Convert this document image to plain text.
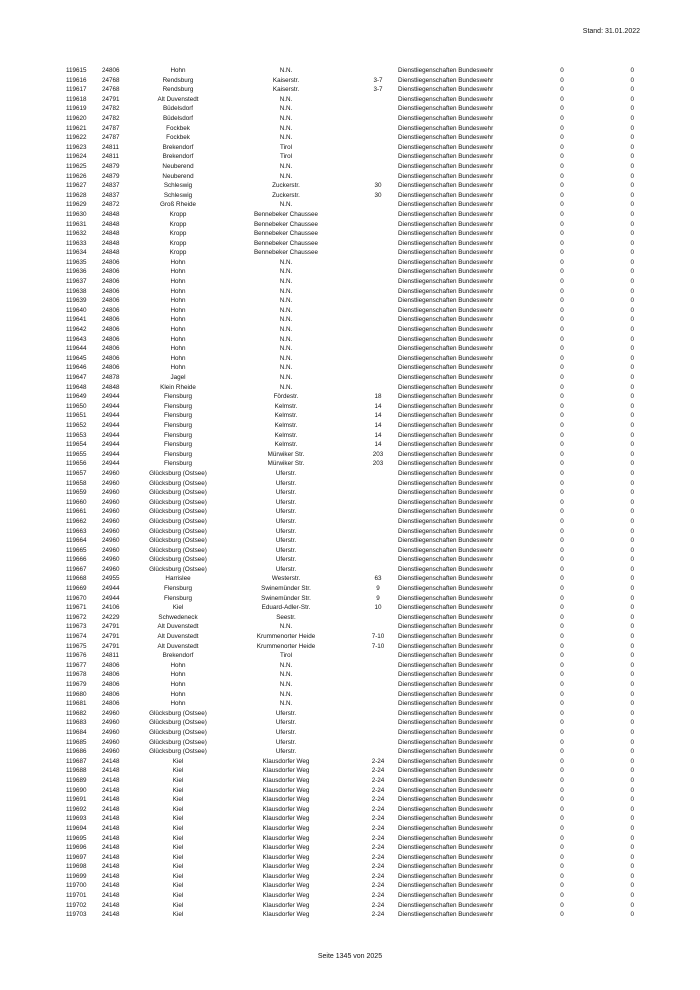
Stand: 31.01.2022
119615	24806	Hohn	N.N.		Dienstliegenschaften Bundeswehr	0	0
119616	24768	Rendsburg	Kaiserstr.	3-7	Dienstliegenschaften Bundeswehr	0	0
119617	24768	Rendsburg	Kaiserstr.	3-7	Dienstliegenschaften Bundeswehr	0	0
119618	24791	Alt Duvenstedt	N.N.		Dienstliegenschaften Bundeswehr	0	0
119619	24782	Büdelsdorf	N.N.		Dienstliegenschaften Bundeswehr	0	0
119620	24782	Büdelsdorf	N.N.		Dienstliegenschaften Bundeswehr	0	0
119621	24787	Fockbek	N.N.		Dienstliegenschaften Bundeswehr	0	0
119622	24787	Fockbek	N.N.		Dienstliegenschaften Bundeswehr	0	0
119623	24811	Brekendorf	Tirol		Dienstliegenschaften Bundeswehr	0	0
119624	24811	Brekendorf	Tirol		Dienstliegenschaften Bundeswehr	0	0
119625	24879	Neuberend	N.N.		Dienstliegenschaften Bundeswehr	0	0
119626	24879	Neuberend	N.N.		Dienstliegenschaften Bundeswehr	0	0
119627	24837	Schleswig	Zuckerstr.	30	Dienstliegenschaften Bundeswehr	0	0
119628	24837	Schleswig	Zuckerstr.	30	Dienstliegenschaften Bundeswehr	0	0
119629	24872	Groß Rheide	N.N.		Dienstliegenschaften Bundeswehr	0	0
119630	24848	Kropp	Bennebeker Chaussee		Dienstliegenschaften Bundeswehr	0	0
119631	24848	Kropp	Bennebeker Chaussee		Dienstliegenschaften Bundeswehr	0	0
119632	24848	Kropp	Bennebeker Chaussee		Dienstliegenschaften Bundeswehr	0	0
119633	24848	Kropp	Bennebeker Chaussee		Dienstliegenschaften Bundeswehr	0	0
119634	24848	Kropp	Bennebeker Chaussee		Dienstliegenschaften Bundeswehr	0	0
119635	24806	Hohn	N.N.		Dienstliegenschaften Bundeswehr	0	0
119636	24806	Hohn	N.N.		Dienstliegenschaften Bundeswehr	0	0
119637	24806	Hohn	N.N.		Dienstliegenschaften Bundeswehr	0	0
119638	24806	Hohn	N.N.		Dienstliegenschaften Bundeswehr	0	0
119639	24806	Hohn	N.N.		Dienstliegenschaften Bundeswehr	0	0
119640	24806	Hohn	N.N.		Dienstliegenschaften Bundeswehr	0	0
119641	24806	Hohn	N.N.		Dienstliegenschaften Bundeswehr	0	0
119642	24806	Hohn	N.N.		Dienstliegenschaften Bundeswehr	0	0
119643	24806	Hohn	N.N.		Dienstliegenschaften Bundeswehr	0	0
119644	24806	Hohn	N.N.		Dienstliegenschaften Bundeswehr	0	0
119645	24806	Hohn	N.N.		Dienstliegenschaften Bundeswehr	0	0
119646	24806	Hohn	N.N.		Dienstliegenschaften Bundeswehr	0	0
119647	24878	Jagel	N.N.		Dienstliegenschaften Bundeswehr	0	0
119648	24848	Klein Rheide	N.N.		Dienstliegenschaften Bundeswehr	0	0
119649	24944	Flensburg	Fördestr.	18	Dienstliegenschaften Bundeswehr	0	0
119650	24944	Flensburg	Kelmstr.	14	Dienstliegenschaften Bundeswehr	0	0
119651	24944	Flensburg	Kelmstr.	14	Dienstliegenschaften Bundeswehr	0	0
119652	24944	Flensburg	Kelmstr.	14	Dienstliegenschaften Bundeswehr	0	0
119653	24944	Flensburg	Kelmstr.	14	Dienstliegenschaften Bundeswehr	0	0
119654	24944	Flensburg	Kelmstr.	14	Dienstliegenschaften Bundeswehr	0	0
119655	24944	Flensburg	Mürwiker Str.	203	Dienstliegenschaften Bundeswehr	0	0
119656	24944	Flensburg	Mürwiker Str.	203	Dienstliegenschaften Bundeswehr	0	0
119657	24960	Glücksburg (Ostsee)	Uferstr.		Dienstliegenschaften Bundeswehr	0	0
119658	24960	Glücksburg (Ostsee)	Uferstr.		Dienstliegenschaften Bundeswehr	0	0
119659	24960	Glücksburg (Ostsee)	Uferstr.		Dienstliegenschaften Bundeswehr	0	0
119660	24960	Glücksburg (Ostsee)	Uferstr.		Dienstliegenschaften Bundeswehr	0	0
119661	24960	Glücksburg (Ostsee)	Uferstr.		Dienstliegenschaften Bundeswehr	0	0
119662	24960	Glücksburg (Ostsee)	Uferstr.		Dienstliegenschaften Bundeswehr	0	0
119663	24960	Glücksburg (Ostsee)	Uferstr.		Dienstliegenschaften Bundeswehr	0	0
119664	24960	Glücksburg (Ostsee)	Uferstr.		Dienstliegenschaften Bundeswehr	0	0
119665	24960	Glücksburg (Ostsee)	Uferstr.		Dienstliegenschaften Bundeswehr	0	0
119666	24960	Glücksburg (Ostsee)	Uferstr.		Dienstliegenschaften Bundeswehr	0	0
119667	24960	Glücksburg (Ostsee)	Uferstr.		Dienstliegenschaften Bundeswehr	0	0
119668	24955	Harrislee	Westerstr.	63	Dienstliegenschaften Bundeswehr	0	0
119669	24944	Flensburg	Swinemünder Str.	9	Dienstliegenschaften Bundeswehr	0	0
119670	24944	Flensburg	Swinemünder Str.	9	Dienstliegenschaften Bundeswehr	0	0
119671	24106	Kiel	Eduard-Adler-Str.	10	Dienstliegenschaften Bundeswehr	0	0
119672	24229	Schwedeneck	Seestr.		Dienstliegenschaften Bundeswehr	0	0
119673	24791	Alt Duvenstedt	N.N.		Dienstliegenschaften Bundeswehr	0	0
119674	24791	Alt Duvenstedt	Krummenorter Heide	7-10	Dienstliegenschaften Bundeswehr	0	0
119675	24791	Alt Duvenstedt	Krummenorter Heide	7-10	Dienstliegenschaften Bundeswehr	0	0
119676	24811	Brekendorf	Tirol		Dienstliegenschaften Bundeswehr	0	0
119677	24806	Hohn	N.N.		Dienstliegenschaften Bundeswehr	0	0
119678	24806	Hohn	N.N.		Dienstliegenschaften Bundeswehr	0	0
119679	24806	Hohn	N.N.		Dienstliegenschaften Bundeswehr	0	0
119680	24806	Hohn	N.N.		Dienstliegenschaften Bundeswehr	0	0
119681	24806	Hohn	N.N.		Dienstliegenschaften Bundeswehr	0	0
119682	24960	Glücksburg (Ostsee)	Uferstr.		Dienstliegenschaften Bundeswehr	0	0
119683	24960	Glücksburg (Ostsee)	Uferstr.		Dienstliegenschaften Bundeswehr	0	0
119684	24960	Glücksburg (Ostsee)	Uferstr.		Dienstliegenschaften Bundeswehr	0	0
119685	24960	Glücksburg (Ostsee)	Uferstr.		Dienstliegenschaften Bundeswehr	0	0
119686	24960	Glücksburg (Ostsee)	Uferstr.		Dienstliegenschaften Bundeswehr	0	0
119687	24148	Kiel	Klausdorfer Weg	2-24	Dienstliegenschaften Bundeswehr	0	0
119688	24148	Kiel	Klausdorfer Weg	2-24	Dienstliegenschaften Bundeswehr	0	0
119689	24148	Kiel	Klausdorfer Weg	2-24	Dienstliegenschaften Bundeswehr	0	0
119690	24148	Kiel	Klausdorfer Weg	2-24	Dienstliegenschaften Bundeswehr	0	0
119691	24148	Kiel	Klausdorfer Weg	2-24	Dienstliegenschaften Bundeswehr	0	0
119692	24148	Kiel	Klausdorfer Weg	2-24	Dienstliegenschaften Bundeswehr	0	0
119693	24148	Kiel	Klausdorfer Weg	2-24	Dienstliegenschaften Bundeswehr	0	0
119694	24148	Kiel	Klausdorfer Weg	2-24	Dienstliegenschaften Bundeswehr	0	0
119695	24148	Kiel	Klausdorfer Weg	2-24	Dienstliegenschaften Bundeswehr	0	0
119696	24148	Kiel	Klausdorfer Weg	2-24	Dienstliegenschaften Bundeswehr	0	0
119697	24148	Kiel	Klausdorfer Weg	2-24	Dienstliegenschaften Bundeswehr	0	0
119698	24148	Kiel	Klausdorfer Weg	2-24	Dienstliegenschaften Bundeswehr	0	0
119699	24148	Kiel	Klausdorfer Weg	2-24	Dienstliegenschaften Bundeswehr	0	0
119700	24148	Kiel	Klausdorfer Weg	2-24	Dienstliegenschaften Bundeswehr	0	0
119701	24148	Kiel	Klausdorfer Weg	2-24	Dienstliegenschaften Bundeswehr	0	0
119702	24148	Kiel	Klausdorfer Weg	2-24	Dienstliegenschaften Bundeswehr	0	0
119703	24148	Kiel	Klausdorfer Weg	2-24	Dienstliegenschaften Bundeswehr	0	0
Seite 1345 von 2025
